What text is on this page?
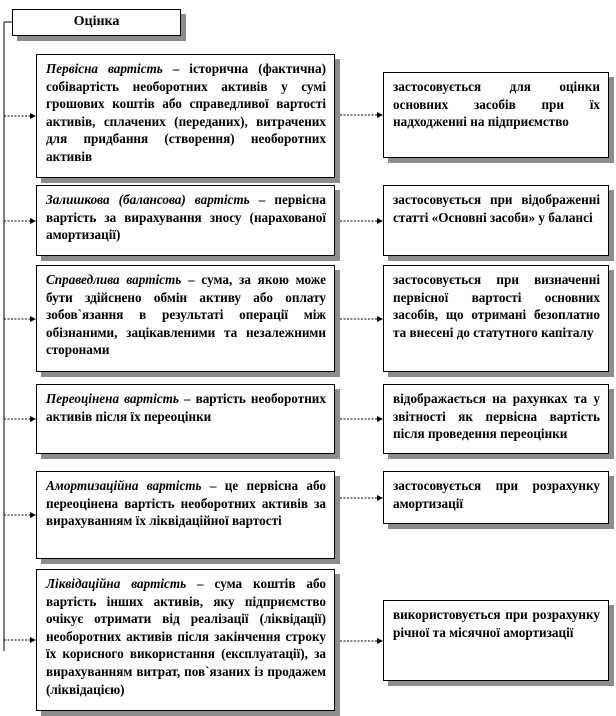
Оцінка
Первісна вартість – історична (фактична) собівартість необоротних активів у сумі грошових коштів або справедливої вартості активів, сплачених (переданих), витрачених для придбання (створення) необоротних активів
застосовується для оцінки основних засобів при їх надходженні на підприємство
Залишкова (балансова) вартість – первісна вартість за вирахування зносу (нарахованої амортизації)
застосовується при відображенні статті «Основні засоби» у балансі
Справедлива вартість – сума, за якою може бути здійснено обмін активу або оплату зобов`язання в результаті операції між обізнаними, зацікавленими та незалежними сторонами
застосовується при визначенні первісної вартості основних засобів, що отримані безоплатно та внесені до статутного капіталу
Переоцінена вартість – вартість необоротних активів після їх переоцінки
відображається на рахунках та у звітності як первісна вартість після проведення переоцінки
Амортизаційна вартість – це первісна або переоцінена вартість необоротних активів за вирахуванням їх ліквідаційної вартості
застосовується при розрахунку амортизації
Ліквідаційна вартість – сума коштів або вартість інших активів, яку підприємство очікує отримати від реалізації (ліквідації) необоротних активів після закінчення строку їх корисного використання (експлуатації), за вирахуванням витрат, пов`язаних із продажем (ліквідацією)
використовується при розрахунку річної та місячної амортизації
